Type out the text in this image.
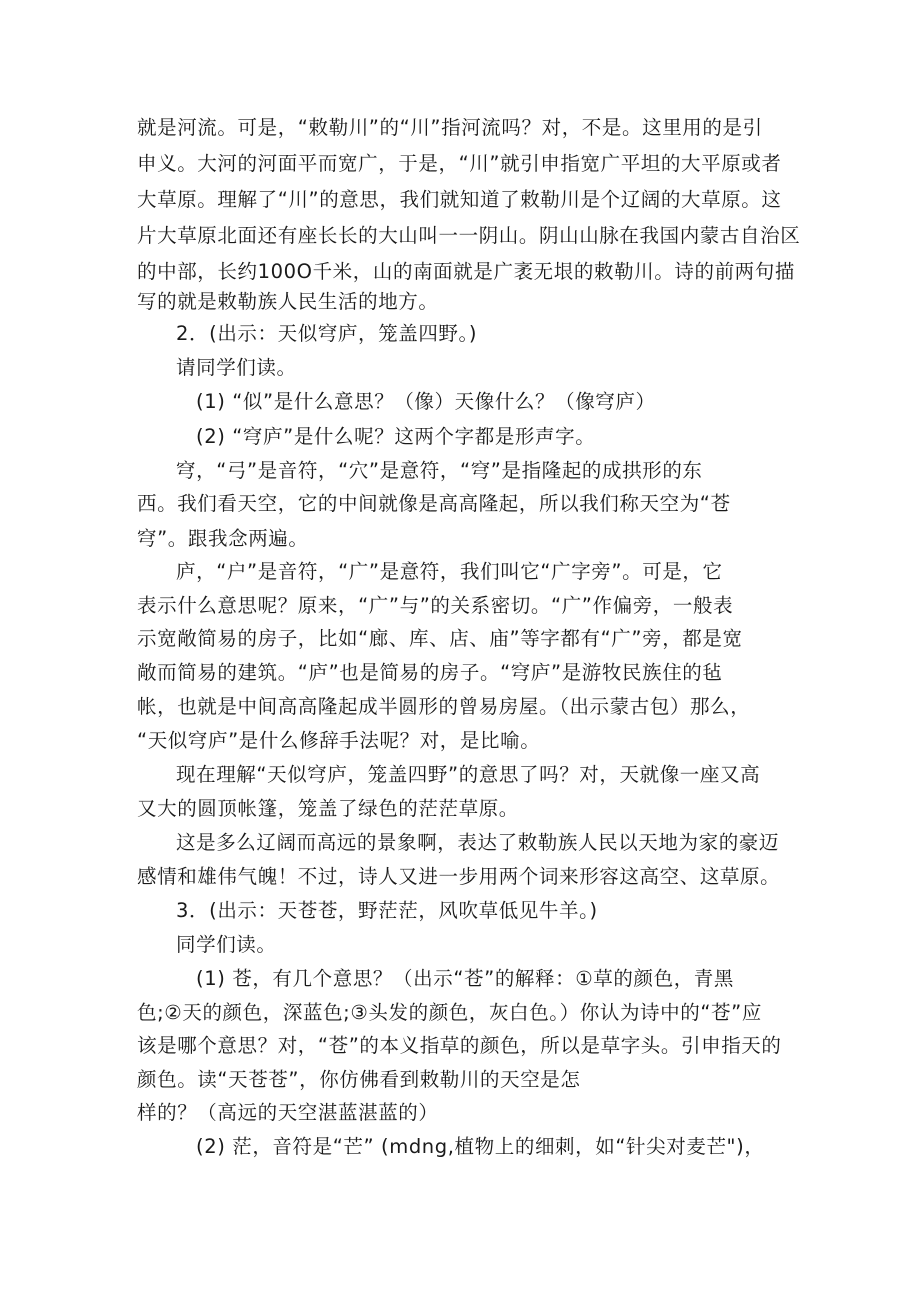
就是河流。可是，“敕勒川”的“川”指河流吗？对，不是。这里用的是引
申义。大河的河面平而宽广，于是，“川”就引申指宽广平坦的大平原或者
大草原。理解了“川”的意思，我们就知道了敕勒川是个辽阔的大草原。这
片大草原北面还有座长长的大山叫一一阴山。阴山山脉在我国内蒙古自治区
的中部，长约100O千米，山的南面就是广袤无垠的敕勒川。诗的前两句描
写的就是敕勒族人民生活的地方。
2．(出示：天似穹庐，笼盖四野。)
请同学们读。
(1) “似”是什么意思？（像）天像什么？（像穹庐）
(2) “穹庐”是什么呢？这两个字都是形声字。
穹，“弓”是音符，“穴”是意符，“穹”是指隆起的成拱形的东
西。我们看天空，它的中间就像是高高隆起，所以我们称天空为“苍
穹”。跟我念两遍。
庐，“户”是音符，“广”是意符，我们叫它“广字旁”。可是，它
表示什么意思呢？原来，“广”与”的关系密切。“广”作偏旁，一般表
示宽敞简易的房子，比如“廊、库、店、庙”等字都有“广”旁，都是宽
敞而简易的建筑。“庐”也是简易的房子。“穹庐”是游牧民族住的毡
帐，也就是中间高高隆起成半圆形的曾易房屋。（出示蒙古包）那么，
“天似穹庐”是什么修辞手法呢？对，是比喻。
现在理解“天似穹庐，笼盖四野”的意思了吗？对，天就像一座又高
又大的圆顶帐篷，笼盖了绿色的茫茫草原。
这是多么辽阔而高远的景象啊，表达了敕勒族人民以天地为家的豪迈
感情和雄伟气魄！不过，诗人又进一步用两个词来形容这高空、这草原。
3．(出示：天苍苍，野茫茫，风吹草低见牛羊。)
同学们读。
(1) 苍，有几个意思？（出示“苍”的解释：①草的颜色，青黑
色;②天的颜色，深蓝色;③头发的颜色，灰白色。）你认为诗中的“苍”应
该是哪个意思？对，“苍”的本义指草的颜色，所以是草字头。引申指天的
颜色。读“天苍苍”，你仿佛看到敕勒川的天空是怎
样的？（高远的天空湛蓝湛蓝的）
(2) 茫，音符是“芒” (mdng,植物上的细刺，如“针尖对麦芒")，
